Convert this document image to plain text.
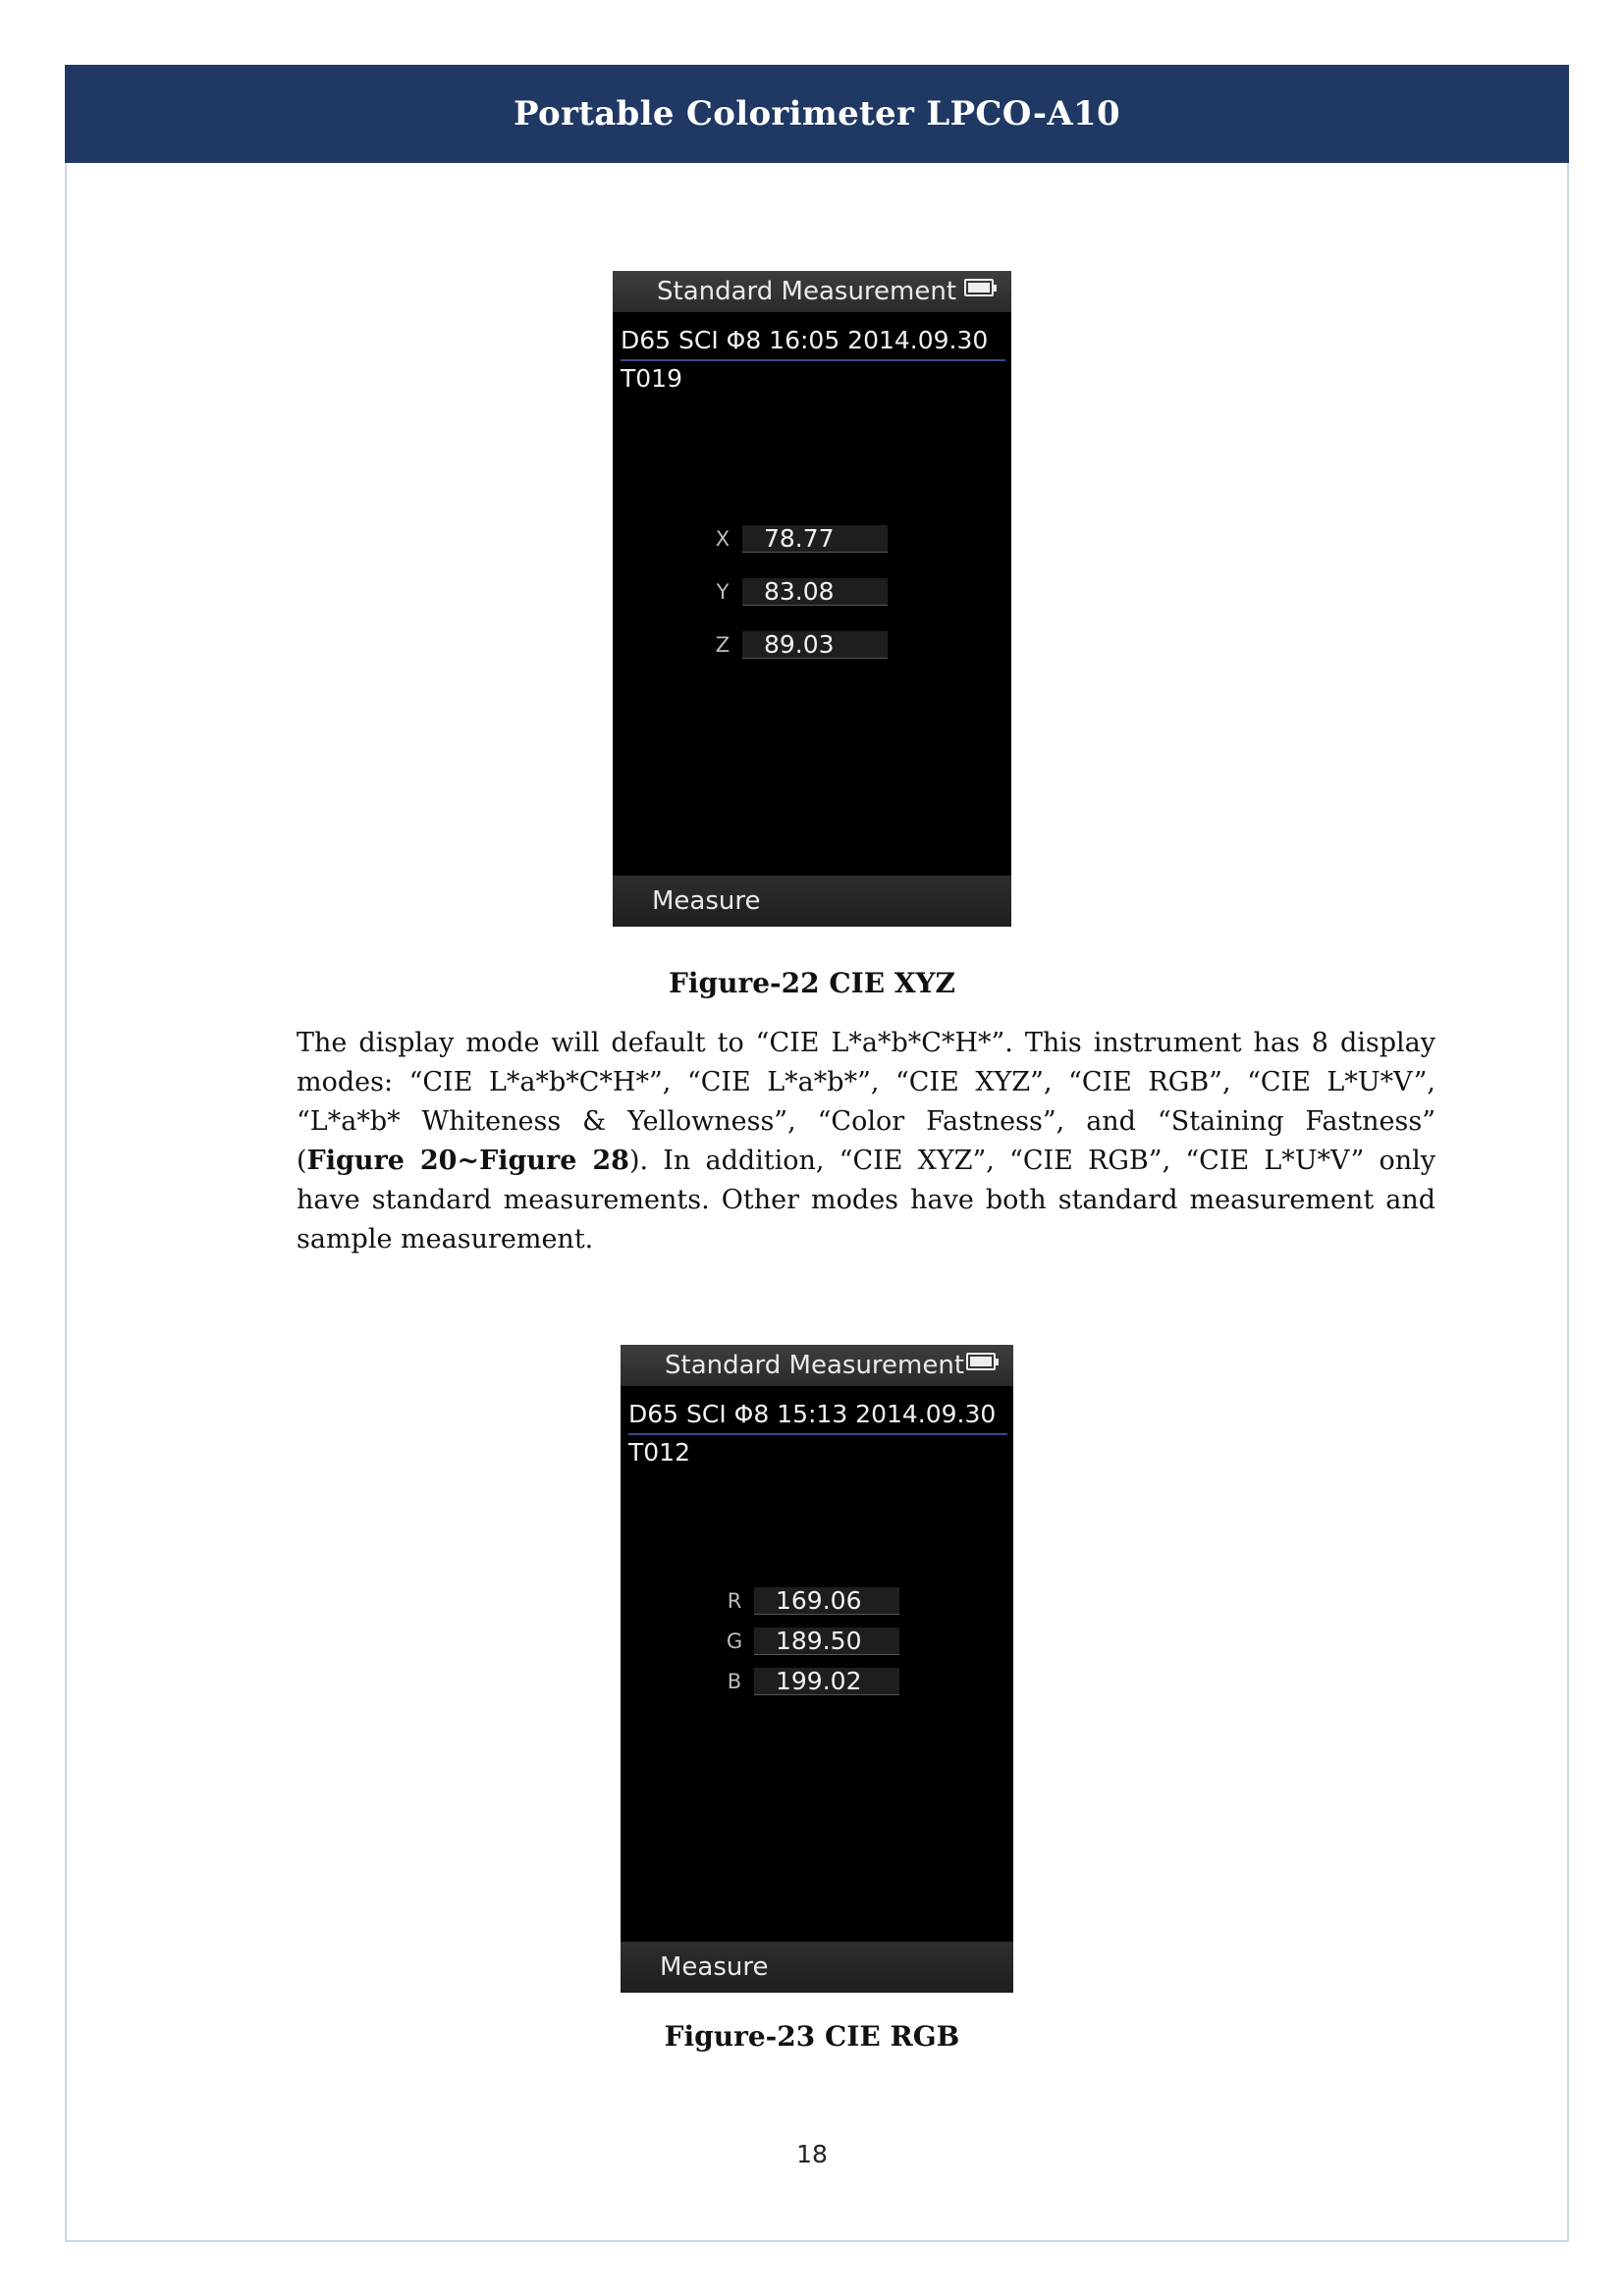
Portable Colorimeter LPCO-A10
Standard Measurement
D65 SCI Φ8 16:05 2014.09.30
T019
X	78.77
Y	83.08
Z	89.03
Measure
Figure-22 CIE XYZ

The display mode will default to “CIE L*a*b*C*H*”. This instrument has 8 display modes: “CIE L*a*b*C*H*”, “CIE L*a*b*”, “CIE XYZ”, “CIE RGB”, “CIE L*U*V”, “L*a*b* Whiteness & Yellowness”, “Color Fastness”, and “Staining Fastness” (Figure 20~Figure 28). In addition, “CIE XYZ”, “CIE RGB”, “CIE L*U*V” only have standard measurements. Other modes have both standard measurement and sample measurement.

Standard Measurement
D65 SCI Φ8 15:13 2014.09.30
T012
R	169.06
G	189.50
B	199.02
Measure
Figure-23 CIE RGB
18
